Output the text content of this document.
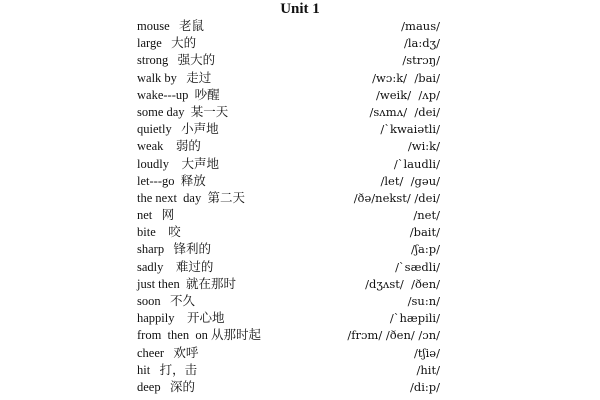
Unit 1
mouse   老鼠	/maus/
large   大的	/la:dʒ/
strong   强大的	/strɔŋ/
walk by   走过	/wɔ:k/  /bai/
wake---up  吵醒	/weik/  /ʌp/
some day  某一天	/sʌmʌ/  /dei/
quietly   小声地	/ˋkwaiətli/
weak    弱的	/wi:k/
loudly    大声地	/ˋlaudli/
let---go  释放	/let/  /gəu/
the next  day  第二天	/ðə/nekst/ /dei/
net   网	/net/
bite    咬	/bait/
sharp   锋利的	/ʃa:p/
sadly    难过的	/ˋsædli/
just then  就在那时	/dʒʌst/  /ðen/
soon   不久	/su:n/
happily    开心地	/ˋhæpili/
from  then  on 从那时起	/frɔm/ /ðen/ /ɔn/
cheer   欢呼	/tʃiə/
hit   打，击	/hit/
deep   深的	/di:p/
